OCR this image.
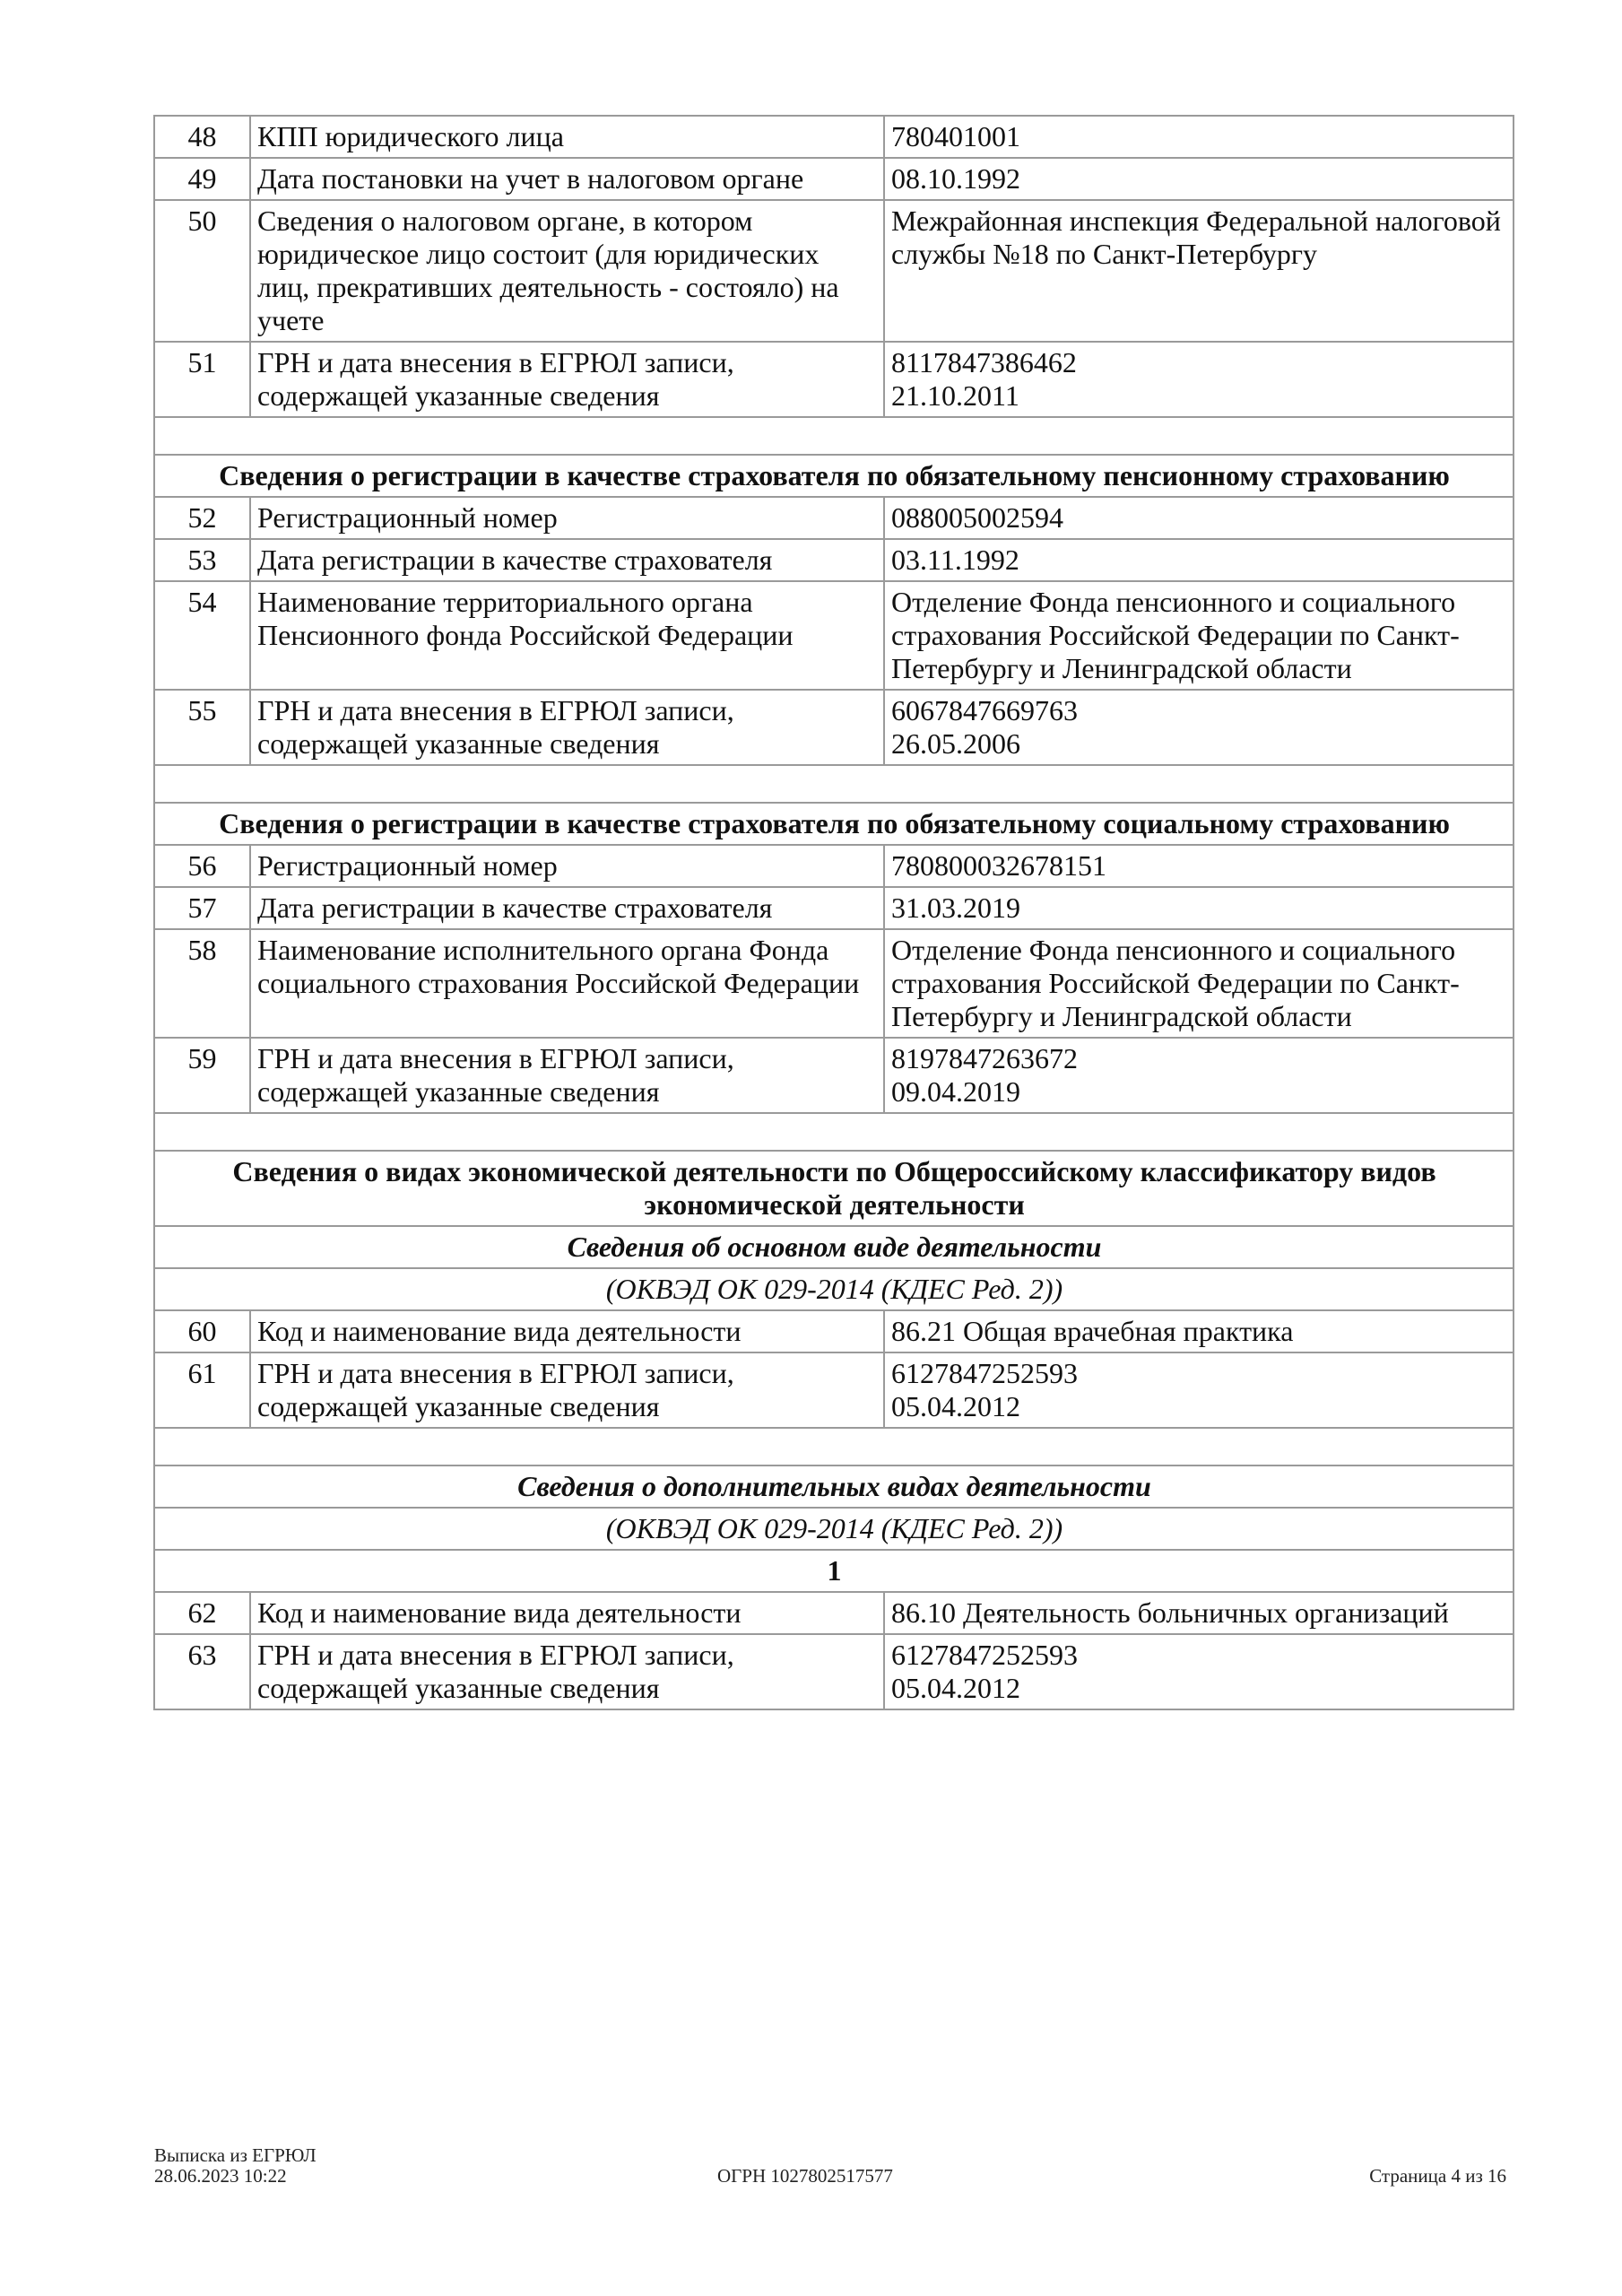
48	КПП юридического лица	780401001
49	Дата постановки на учет в налоговом органе	08.10.1992
50	Сведения о налоговом органе, в котором юридическое лицо состоит (для юридических лиц, прекративших деятельность - состояло) на учете	Межрайонная инспекция Федеральной налоговой службы №18 по Санкт-Петербургу
51	ГРН и дата внесения в ЕГРЮЛ записи, содержащей указанные сведения	8117847386462
21.10.2011

Сведения о регистрации в качестве страхователя по обязательному пенсионному страхованию		
52	Регистрационный номер	088005002594
53	Дата регистрации в качестве страхователя	03.11.1992
54	Наименование территориального органа Пенсионного фонда Российской Федерации	Отделение Фонда пенсионного и социального страхования Российской Федерации по Санкт-Петербургу и Ленинградской области
55	ГРН и дата внесения в ЕГРЮЛ записи, содержащей указанные сведения	6067847669763
26.05.2006

Сведения о регистрации в качестве страхователя по обязательному социальному страхованию		
56	Регистрационный номер	780800032678151
57	Дата регистрации в качестве страхователя	31.03.2019
58	Наименование исполнительного органа Фонда социального страхования Российской Федерации	Отделение Фонда пенсионного и социального страхования Российской Федерации по Санкт-Петербургу и Ленинградской области
59	ГРН и дата внесения в ЕГРЮЛ записи, содержащей указанные сведения	8197847263672
09.04.2019

Сведения о видах экономической деятельности по Общероссийскому классификатору видов экономической деятельности		
Сведения об основном виде деятельности		
(ОКВЭД ОК 029-2014 (КДЕС Ред. 2))		
60	Код и наименование вида деятельности	86.21 Общая врачебная практика
61	ГРН и дата внесения в ЕГРЮЛ записи, содержащей указанные сведения	6127847252593
05.04.2012

Сведения о дополнительных видах деятельности		
(ОКВЭД ОК 029-2014 (КДЕС Ред. 2))		
1		
62	Код и наименование вида деятельности	86.10 Деятельность больничных организаций
63	ГРН и дата внесения в ЕГРЮЛ записи, содержащей указанные сведения	6127847252593
05.04.2012
Выписка из ЕГРЮЛ
28.06.2023 10:22	ОГРН 1027802517577	Страница 4 из 16
